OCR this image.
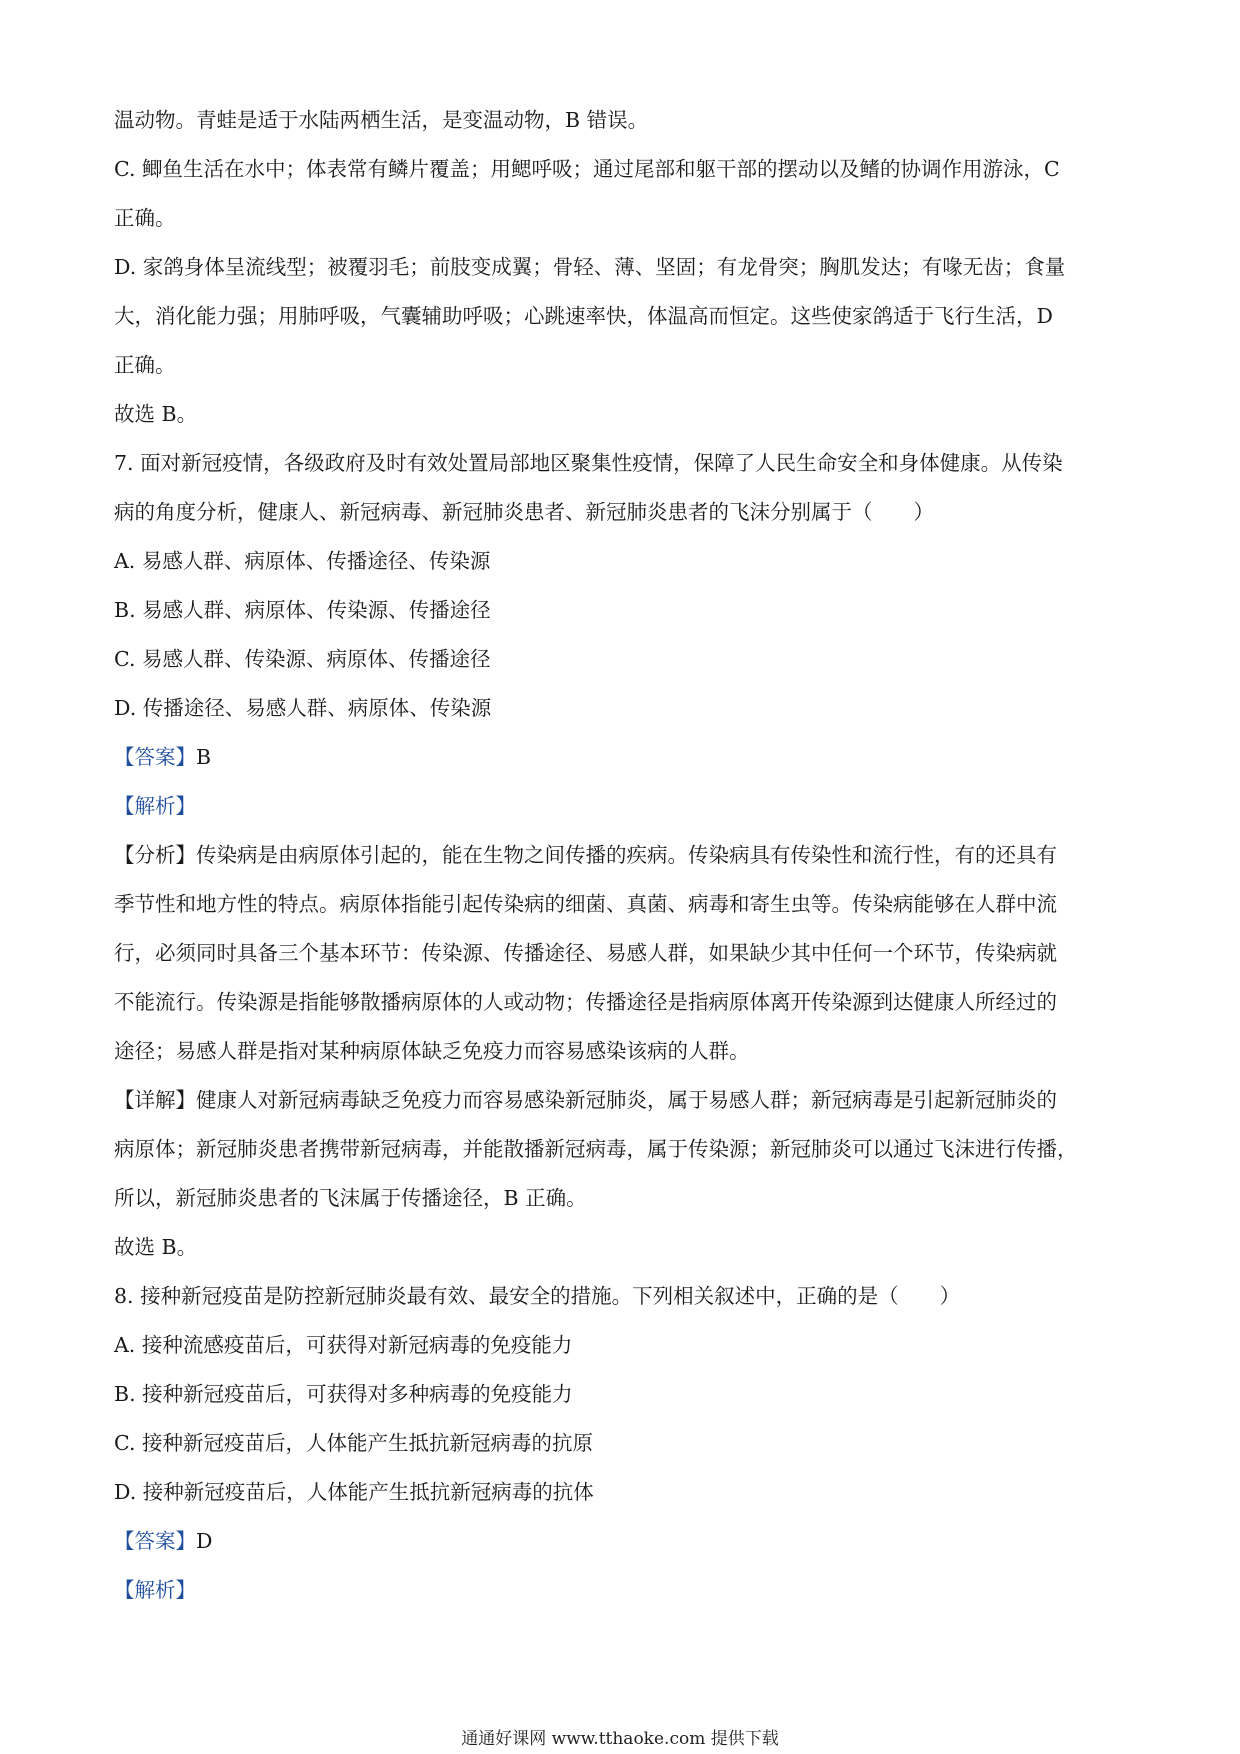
温动物。青蛙是适于水陆两栖生活，是变温动物，B 错误。
C. 鲫鱼生活在水中；体表常有鳞片覆盖；用鳃呼吸；通过尾部和躯干部的摆动以及鳍的协调作用游泳，C
正确。
D. 家鸽身体呈流线型；被覆羽毛；前肢变成翼；骨轻、薄、坚固；有龙骨突；胸肌发达；有喙无齿；食量
大，消化能力强；用肺呼吸，气囊辅助呼吸；心跳速率快，体温高而恒定。这些使家鸽适于飞行生活，D
正确。
故选 B。
7. 面对新冠疫情，各级政府及时有效处置局部地区聚集性疫情，保障了人民生命安全和身体健康。从传染
病的角度分析，健康人、新冠病毒、新冠肺炎患者、新冠肺炎患者的飞沫分别属于（　　）
A. 易感人群、病原体、传播途径、传染源
B. 易感人群、病原体、传染源、传播途径
C. 易感人群、传染源、病原体、传播途径
D. 传播途径、易感人群、病原体、传染源
【答案】B
【解析】
【分析】传染病是由病原体引起的，能在生物之间传播的疾病。传染病具有传染性和流行性，有的还具有
季节性和地方性的特点。病原体指能引起传染病的细菌、真菌、病毒和寄生虫等。传染病能够在人群中流
行，必须同时具备三个基本环节：传染源、传播途径、易感人群，如果缺少其中任何一个环节，传染病就
不能流行。传染源是指能够散播病原体的人或动物；传播途径是指病原体离开传染源到达健康人所经过的
途径；易感人群是指对某种病原体缺乏免疫力而容易感染该病的人群。
【详解】健康人对新冠病毒缺乏免疫力而容易感染新冠肺炎，属于易感人群；新冠病毒是引起新冠肺炎的
病原体；新冠肺炎患者携带新冠病毒，并能散播新冠病毒，属于传染源；新冠肺炎可以通过飞沫进行传播，
所以，新冠肺炎患者的飞沫属于传播途径，B 正确。
故选 B。
8. 接种新冠疫苗是防控新冠肺炎最有效、最安全的措施。下列相关叙述中，正确的是（　　）
A. 接种流感疫苗后，可获得对新冠病毒的免疫能力
B. 接种新冠疫苗后，可获得对多种病毒的免疫能力
C. 接种新冠疫苗后，人体能产生抵抗新冠病毒的抗原
D. 接种新冠疫苗后，人体能产生抵抗新冠病毒的抗体
【答案】D
【解析】
通通好课网 www.tthaoke.com 提供下载
